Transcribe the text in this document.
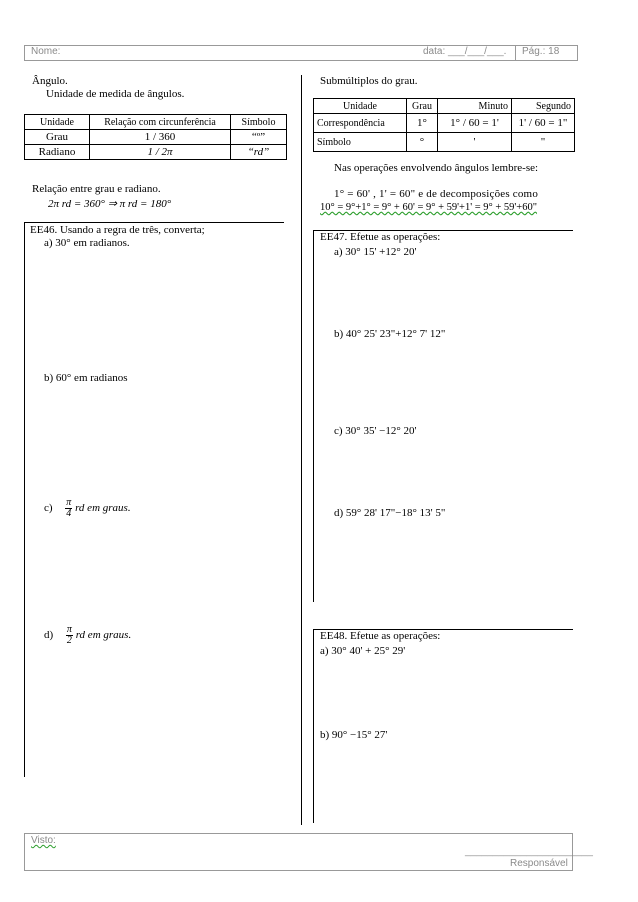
Nome:	data: ___/___/___. Pág.: 18
Ângulo.
Unidade de medida de ângulos.
Unidade	Relação com circunferência	Símbolo
Grau	1 / 360	“º”
Radiano	1 / 2π	“rd”
Relação entre grau e radiano.
2π rd = 360° ⇒ π rd = 180°
EE46. Usando a regra de três, converta;
a) 30° em radianos.
b) 60° em radianos
$c) \frac{\pi}{4}$ rd em graus.
$d) \frac{\pi}{2}$ rd em graus.
Submúltiplos do grau.
Unidade	Grau	Minuto	Segundo
Correspondência	1°	1° / 60 = 1'	1' / 60 = 1"
Símbolo	°	'	"
Nas operações envolvendo ângulos lembre-se:
1° = 60' , 1' = 60" e de decomposições como
10° = 9°+1° = 9° + 60' = 9° + 59'+1' = 9° + 59'+60"
EE47. Efetue as operações:
a) 30° 15' +12° 20'
b) 40° 25' 23"+12° 7' 12"
c) 30° 35' −12° 20'
d) 59° 28' 17"−18° 13' 5"
EE48. Efetue as operações:
a) 30° 40' + 25° 29'
b) 90° −15° 27'
Visto:
_______________________
Responsável
